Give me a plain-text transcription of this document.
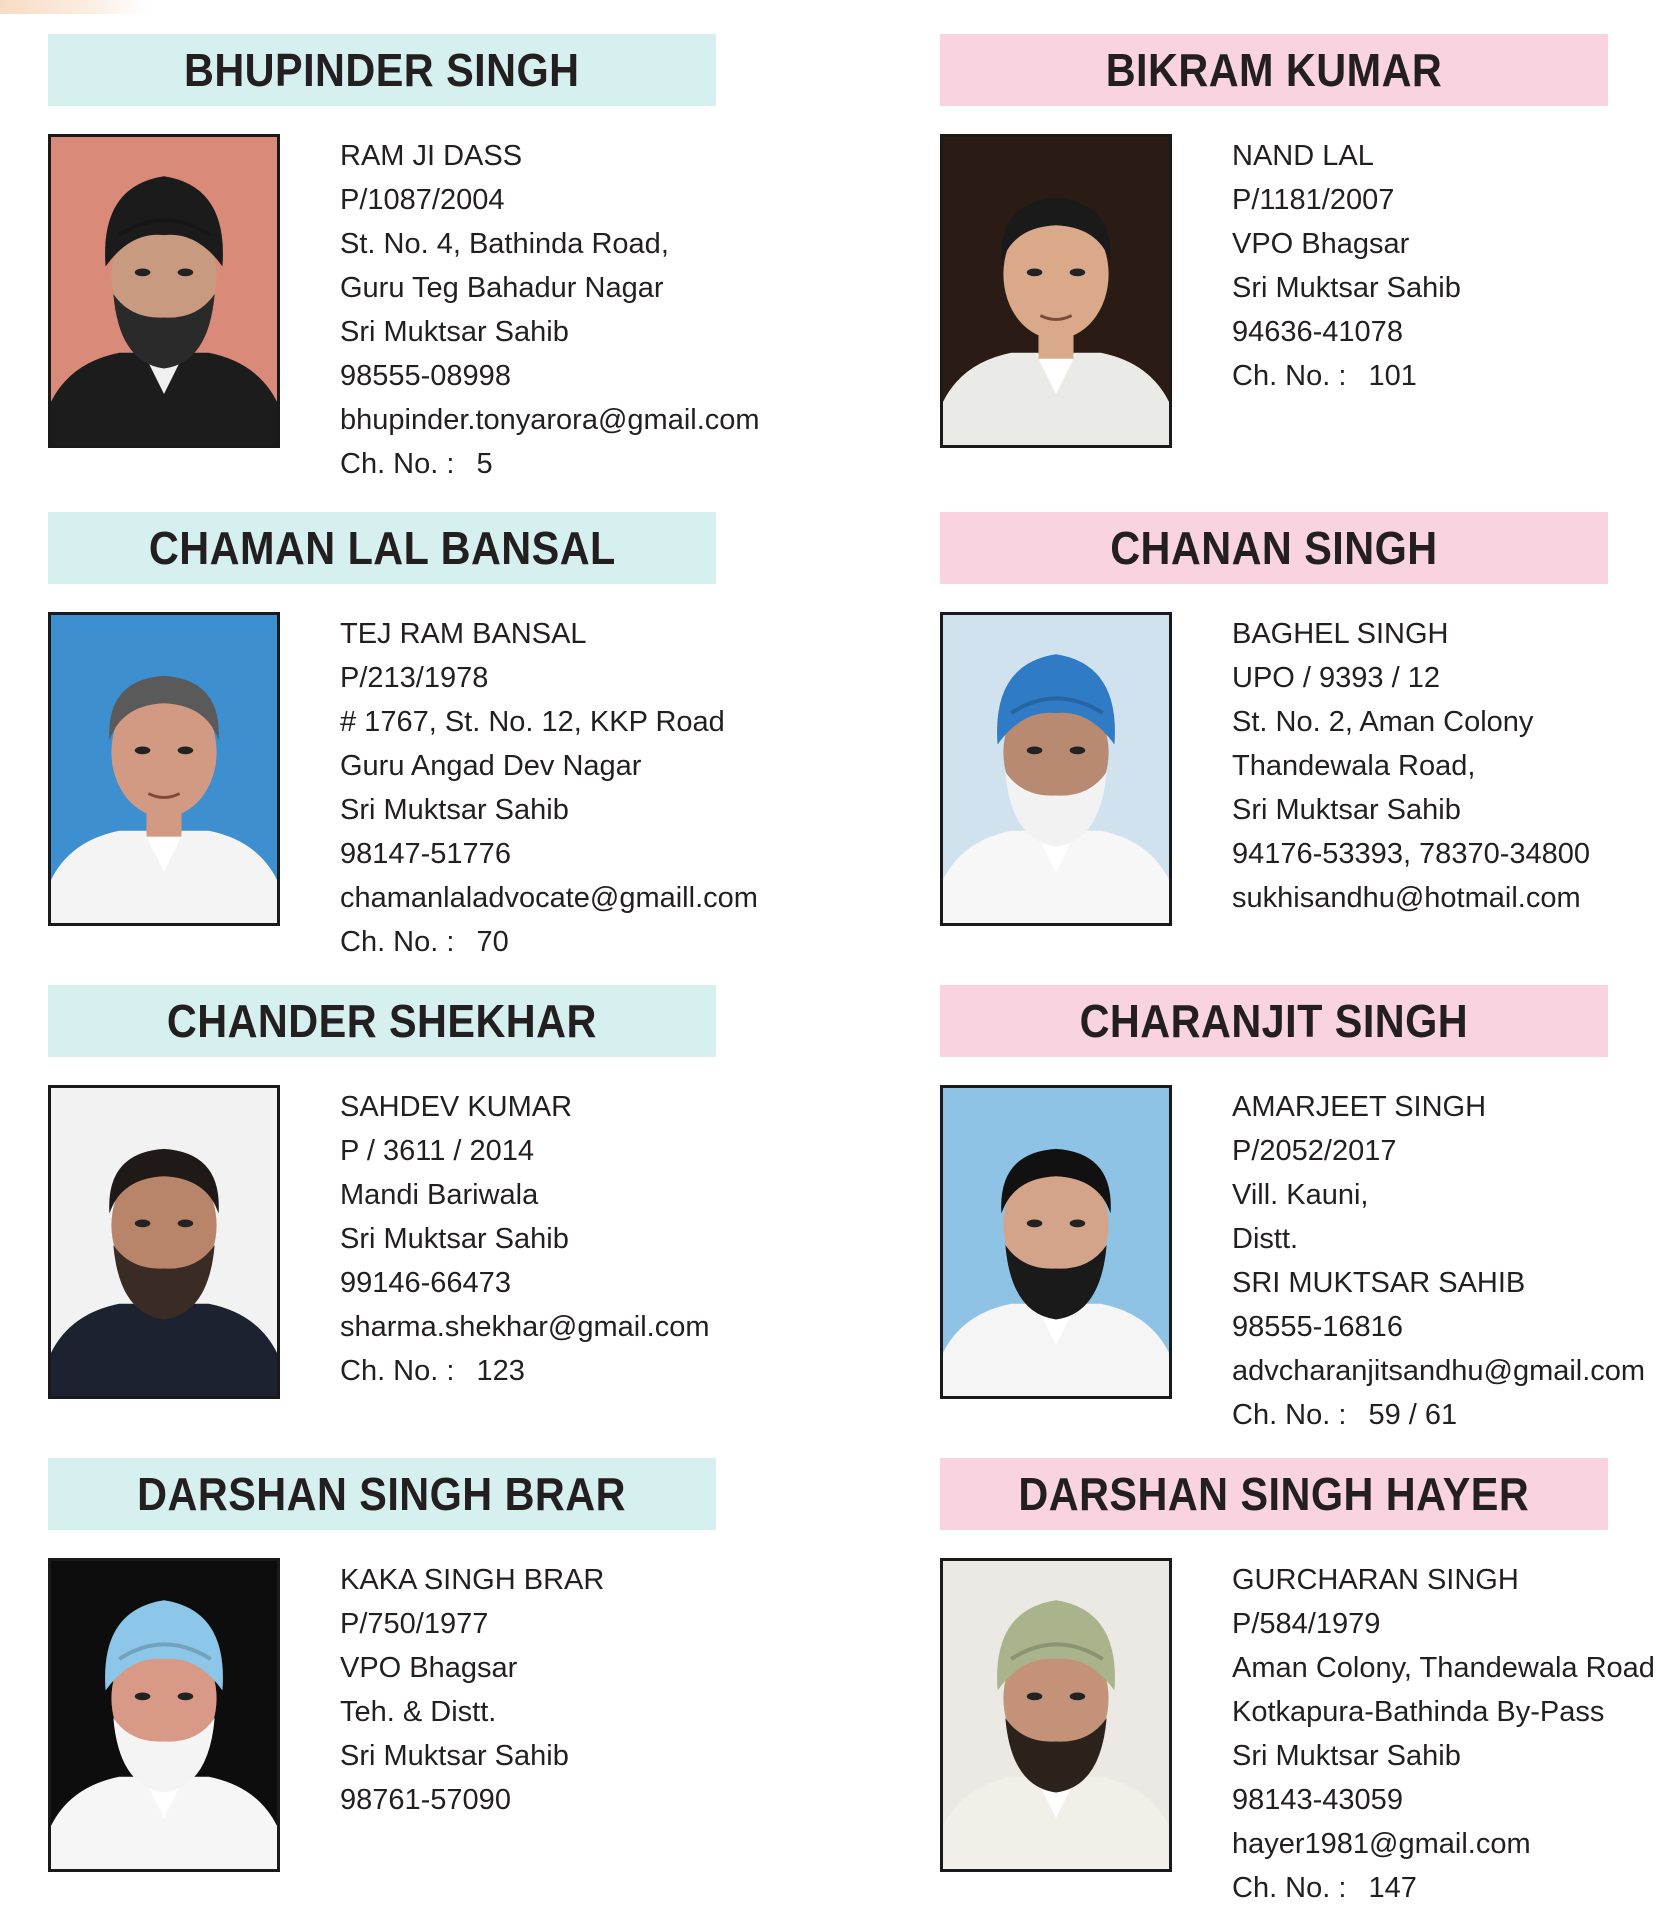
BHUPINDER SINGH
RAM JI DASS
P/1087/2004
St. No. 4, Bathinda Road,
Guru Teg Bahadur Nagar
Sri Muktsar Sahib
98555-08998
bhupinder.tonyarora@gmail.com
Ch. No. : 5
BIKRAM KUMAR
NAND LAL
P/1181/2007
VPO Bhagsar
Sri Muktsar Sahib
94636-41078
Ch. No. : 101
CHAMAN LAL BANSAL
TEJ RAM BANSAL
P/213/1978
# 1767, St. No. 12, KKP Road
Guru Angad Dev Nagar
Sri Muktsar Sahib
98147-51776
chamanlaladvocate@gmaill.com
Ch. No. : 70
CHANAN SINGH
BAGHEL SINGH
UPO / 9393 / 12
St. No. 2, Aman Colony
Thandewala Road,
Sri Muktsar Sahib
94176-53393, 78370-34800
sukhisandhu@hotmail.com
CHANDER SHEKHAR
SAHDEV KUMAR
P / 3611 / 2014
Mandi Bariwala
Sri Muktsar Sahib
99146-66473
sharma.shekhar@gmail.com
Ch. No. : 123
CHARANJIT SINGH
AMARJEET SINGH
P/2052/2017
Vill. Kauni,
Distt.
SRI MUKTSAR SAHIB
98555-16816
advcharanjitsandhu@gmail.com
Ch. No. : 59 / 61
DARSHAN SINGH BRAR
KAKA SINGH BRAR
P/750/1977
VPO Bhagsar
Teh. & Distt.
Sri Muktsar Sahib
98761-57090
DARSHAN SINGH HAYER
GURCHARAN SINGH
P/584/1979
Aman Colony, Thandewala Road
Kotkapura-Bathinda By-Pass
Sri Muktsar Sahib
98143-43059
hayer1981@gmail.com
Ch. No. : 147
